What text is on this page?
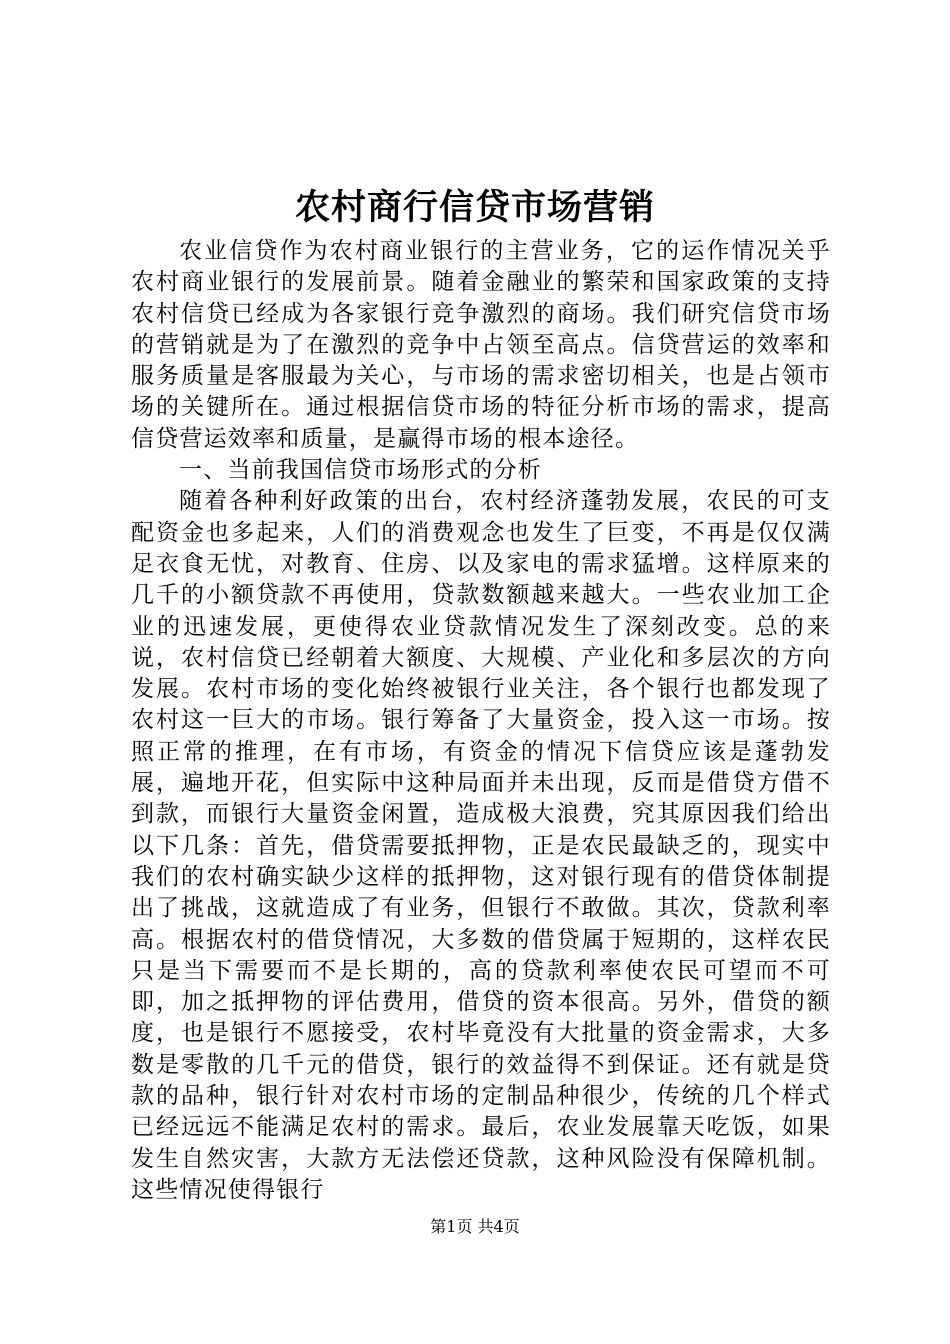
农村商行信贷市场营销

农业信贷作为农村商业银行的主营业务，它的运作情况关乎农村商业银行的发展前景。随着金融业的繁荣和国家政策的支持农村信贷已经成为各家银行竞争激烈的商场。我们研究信贷市场的营销就是为了在激烈的竞争中占领至高点。信贷营运的效率和服务质量是客服最为关心，与市场的需求密切相关，也是占领市场的关键所在。通过根据信贷市场的特征分析市场的需求，提高信贷营运效率和质量，是赢得市场的根本途径。

一、当前我国信贷市场形式的分析

随着各种利好政策的出台，农村经济蓬勃发展，农民的可支配资金也多起来，人们的消费观念也发生了巨变，不再是仅仅满足衣食无忧，对教育、住房、以及家电的需求猛增。这样原来的几千的小额贷款不再使用，贷款数额越来越大。一些农业加工企业的迅速发展，更使得农业贷款情况发生了深刻改变。总的来说，农村信贷已经朝着大额度、大规模、产业化和多层次的方向发展。农村市场的变化始终被银行业关注，各个银行也都发现了农村这一巨大的市场。银行筹备了大量资金，投入这一市场。按照正常的推理，在有市场，有资金的情况下信贷应该是蓬勃发展，遍地开花，但实际中这种局面并未出现，反而是借贷方借不到款，而银行大量资金闲置，造成极大浪费，究其原因我们给出以下几条：首先，借贷需要抵押物，正是农民最缺乏的，现实中我们的农村确实缺少这样的抵押物，这对银行现有的借贷体制提出了挑战，这就造成了有业务，但银行不敢做。其次，贷款利率高。根据农村的借贷情况，大多数的借贷属于短期的，这样农民只是当下需要而不是长期的，高的贷款利率使农民可望而不可即，加之抵押物的评估费用，借贷的资本很高。另外，借贷的额度，也是银行不愿接受，农村毕竟没有大批量的资金需求，大多数是零散的几千元的借贷，银行的效益得不到保证。还有就是贷款的品种，银行针对农村市场的定制品种很少，传统的几个样式已经远远不能满足农村的需求。最后，农业发展靠天吃饭，如果发生自然灾害，大款方无法偿还贷款，这种风险没有保障机制。这些情况使得银行

第1页 共4页
